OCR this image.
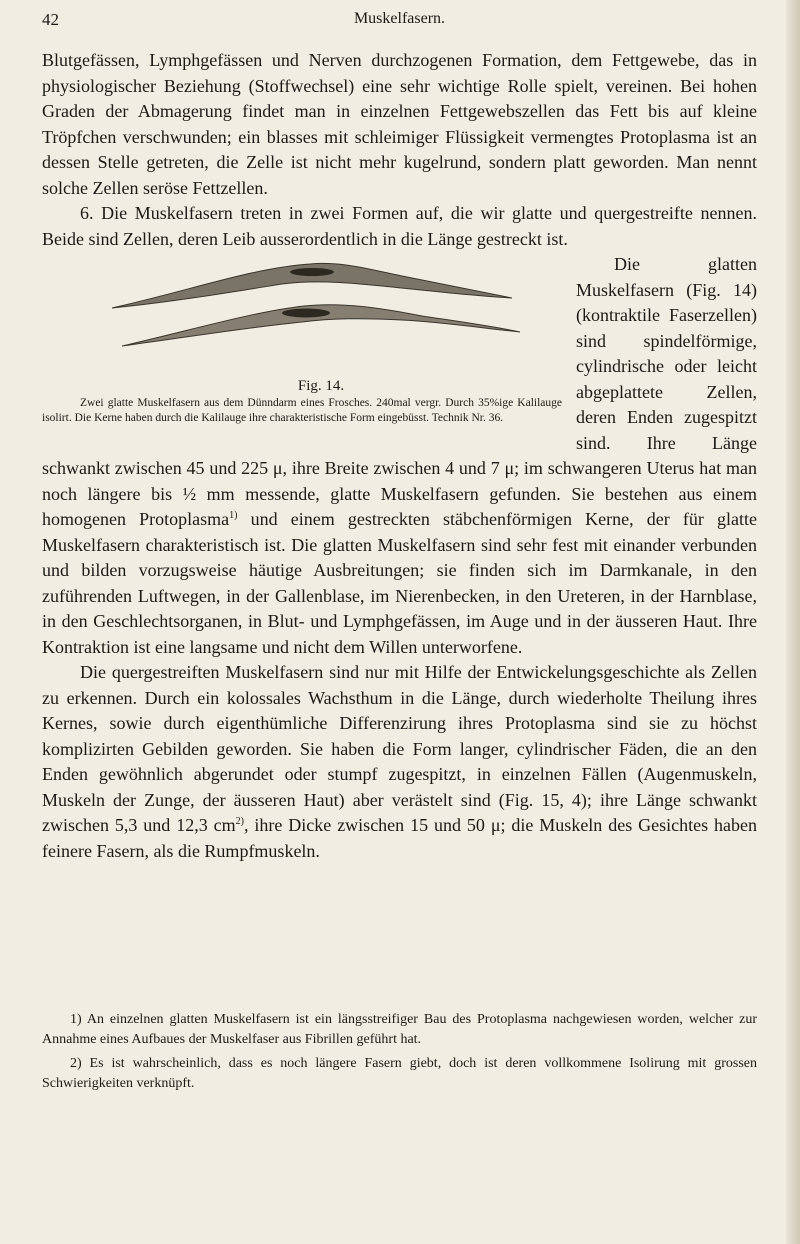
42	Muskelfasern.

Blutgefässen, Lymphgefässen und Nerven durchzogenen Formation, dem Fettgewebe, das in physiologischer Beziehung (Stoffwechsel) eine sehr wichtige Rolle spielt, vereinen. Bei hohen Graden der Abmagerung findet man in einzelnen Fettgewebszellen das Fett bis auf kleine Tröpfchen verschwunden; ein blasses mit schleimiger Flüssigkeit vermengtes Protoplasma ist an dessen Stelle getreten, die Zelle ist nicht mehr kugelrund, sondern platt geworden. Man nennt solche Zellen seröse Fettzellen.

6. Die Muskelfasern treten in zwei Formen auf, die wir glatte und quergestreifte nennen. Beide sind Zellen, deren Leib ausserordentlich in die Länge gestreckt ist.

Fig. 14.
Zwei glatte Muskelfasern aus dem Dünndarm eines Frosches. 240mal vergr. Durch 35%ige Kalilauge isolirt. Die Kerne haben durch die Kalilauge ihre charakteristische Form eingebüsst. Technik Nr. 36.
Die glatten Muskelfasern (Fig. 14) (kontraktile Faserzellen) sind spindelförmige, cylindrische oder leicht abgeplattete Zellen, deren Enden zugespitzt sind. Ihre Länge schwankt zwischen 45 und 225 μ, ihre Breite zwischen 4 und 7 μ; im schwangeren Uterus hat man noch längere bis ½ mm messende, glatte Muskelfasern gefunden. Sie bestehen aus einem homogenen Protoplasma$^{1)}$ und einem gestreckten stäbchenförmigen Kerne, der für glatte Muskelfasern charakteristisch ist. Die glatten Muskelfasern sind sehr fest mit einander verbunden und bilden vorzugsweise häutige Ausbreitungen; sie finden sich im Darmkanale, in den zuführenden Luftwegen, in der Gallenblase, im Nierenbecken, in den Ureteren, in der Harnblase, in den Geschlechtsorganen, in Blut- und Lymphgefässen, im Auge und in der äusseren Haut. Ihre Kontraktion ist eine langsame und nicht dem Willen unterworfene.

Die quergestreiften Muskelfasern sind nur mit Hilfe der Entwickelungsgeschichte als Zellen zu erkennen. Durch ein kolossales Wachsthum in die Länge, durch wiederholte Theilung ihres Kernes, sowie durch eigenthümliche Differenzirung ihres Protoplasma sind sie zu höchst komplizirten Gebilden geworden. Sie haben die Form langer, cylindrischer Fäden, die an den Enden gewöhnlich abgerundet oder stumpf zugespitzt, in einzelnen Fällen (Augenmuskeln, Muskeln der Zunge, der äusseren Haut) aber verästelt sind (Fig. 15, 4); ihre Länge schwankt zwischen 5,3 und 12,3 $cm^{2)}$, ihre Dicke zwischen 15 und 50 μ; die Muskeln des Gesichtes haben feinere Fasern, als die Rumpfmuskeln.

1) An einzelnen glatten Muskelfasern ist ein längsstreifiger Bau des Protoplasma nachgewiesen worden, welcher zur Annahme eines Aufbaues der Muskelfaser aus Fibrillen geführt hat.

2) Es ist wahrscheinlich, dass es noch längere Fasern giebt, doch ist deren vollkommene Isolirung mit grossen Schwierigkeiten verknüpft.
